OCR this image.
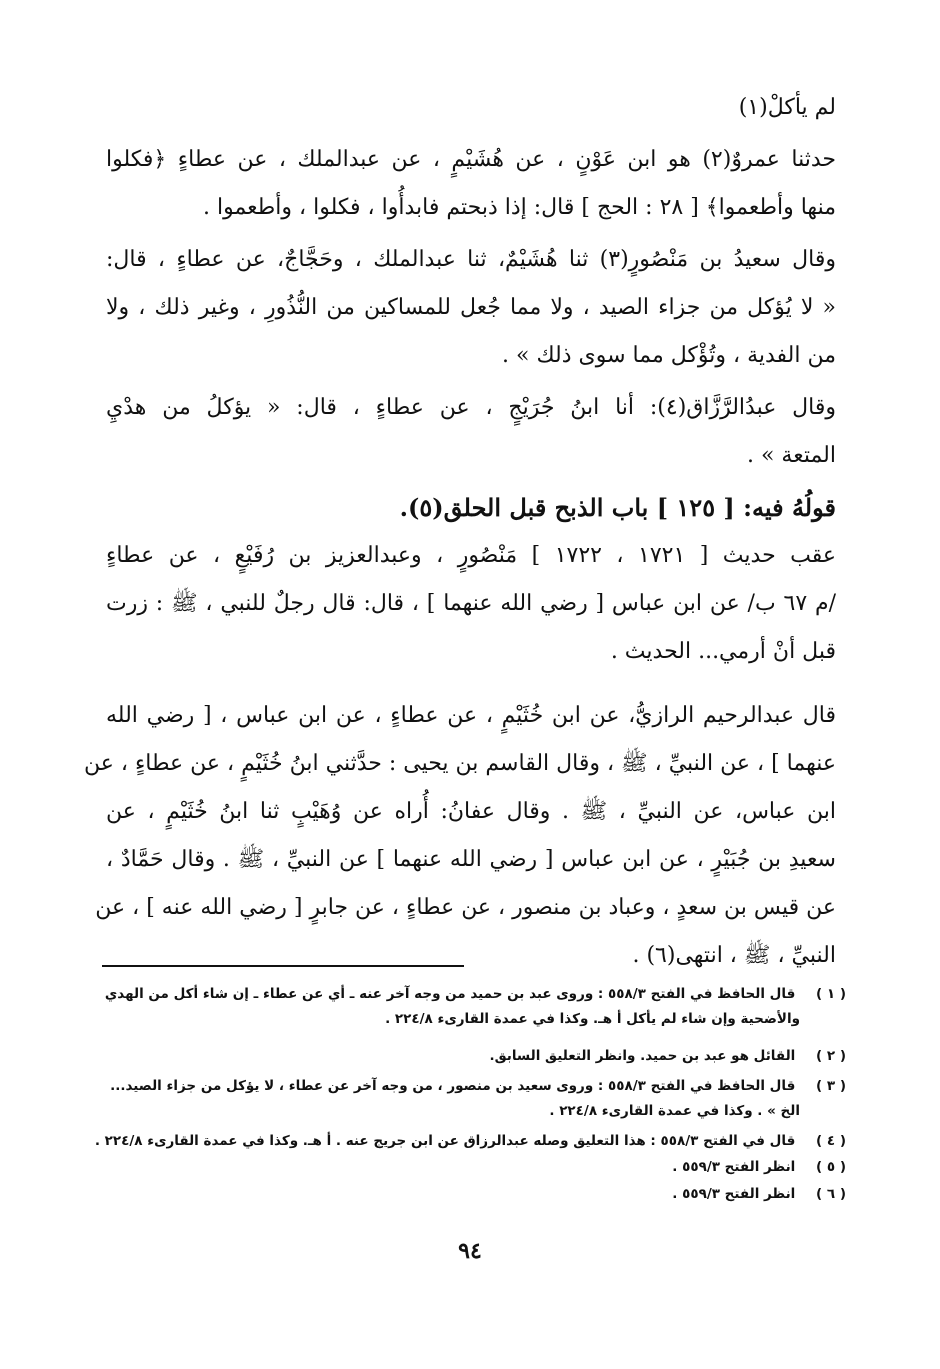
لم يأكلْ(١)
حدثنا عمروٌ(٢) هو ابن عَوْنٍ ، عن هُشَيْمٍ ، عن عبدالملك ، عن عطاءٍ ﴿فكلوا
منها وأطعموا﴾ [ ٢٨ : الحج ] قال: إذا ذبحتم فابدأُوا ، فكلوا ، وأطعموا .
وقال سعيدُ بن مَنْصُورٍ(٣) ثنا هُشَيْمٌ، ثنا عبدالملك ، وحَجَّاجٌ، عن عطاءٍ ، قال:
« لا يُؤكل من جزاء الصيد ، ولا مما جُعل للمساكين من النُّذُورِ ، وغير ذلك ، ولا
من الفدية ، وتُؤْكل مما سوى ذلك » .
وقال عبدُالرَّزَّاق(٤): أنا ابنُ جُرَيْجٍ ، عن عطاءٍ ، قال: « يؤكلُ من هدْيِ
المتعة » .
قولُهُ فيه: [ ١٢٥ ] باب الذبح قبل الحلق(٥).
عقب حديث [ ١٧٢١ ، ١٧٢٢ ] مَنْصُورٍ ، وعبدالعزيز بن رُفَيْعٍ ، عن عطاءٍ
/م ٦٧ ب/ عن ابن عباس [ رضي الله عنهما ] ، قال: قال رجلٌ للنبي ، ﷺ : زرت
قبل أنْ أرمي... الحديث .
قال عبدالرحيم الرازيُّ، عن ابن خُثَيْمٍ ، عن عطاءٍ ، عن ابن عباس ، [ رضي الله
عنهما ] ، عن النبيِّ ، ﷺ ، وقال القاسم بن يحيى : حدَّثني ابنُ خُثَيْمٍ ، عن عطاءٍ ، عن
ابن عباس، عن النبيِّ ، ﷺ . وقال عفانُ: أُراه عن وُهَيْبٍ ثنا ابنُ خُثَيْمٍ ، عن
سعيدِ بن جُبَيْرٍ ، عن ابن عباس [ رضي الله عنهما ] عن النبيِّ ، ﷺ . وقال حَمَّادٌ ،
عن قيس بن سعدٍ ، وعباد بن منصور ، عن عطاءٍ ، عن جابرٍ [ رضي الله عنه ] ، عن
النبيِّ ، ﷺ ، انتهى(٦) .
( ١ ) قال الحافظ في الفتح ٥٥٨/٣ : وروى عبد بن حميد من وجه آخر عنه ـ أي عن عطاء ـ إن شاء أكل من الهدي
والأضحية وإن شاء لم يأكل أ هـ. وكذا في عمدة القارىء ٢٢٤/٨ .
( ٢ ) القائل هو عبد بن حميد. وانظر التعليق السابق.
( ٣ ) قال الحافظ في الفتح ٥٥٨/٣ : وروى سعيد بن منصور ، من وجه آخر عن عطاء ، لا يؤكل من جزاء الصيد...
الخ » . وكذا في عمدة القارىء ٢٢٤/٨ .
( ٤ ) قال في الفتح ٥٥٨/٣ : هذا التعليق وصله عبدالرزاق عن ابن جريج عنه . أ هـ. وكذا في عمدة القارىء ٢٢٤/٨ .
( ٥ ) انظر الفتح ٥٥٩/٣ .
( ٦ ) انظر الفتح ٥٥٩/٣ .
٩٤
